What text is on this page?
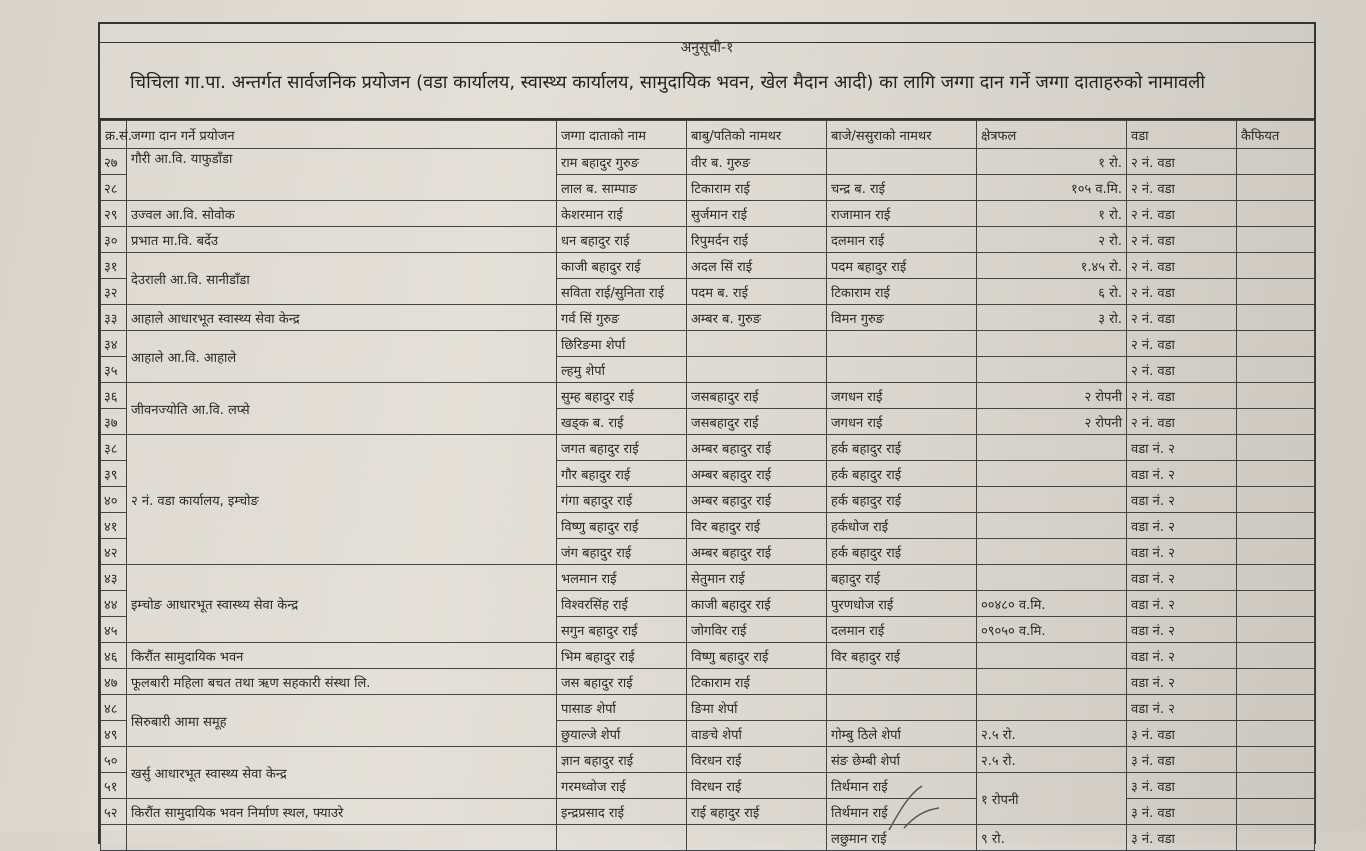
अनुसूची-१
चिचिला गा.पा. अन्तर्गत सार्वजनिक प्रयोजन (वडा कार्यालय, स्वास्थ्य कार्यालय, सामुदायिक भवन, खेल मैदान आदी) का लागि जग्गा दान गर्ने जग्गा दाताहरुको नामावली
क्र.सं.	जग्गा दान गर्ने प्रयोजन	जग्गा दाताको नाम	बाबु/पतिको नामथर	बाजे/ससुराको नामथर	क्षेत्रफल	वडा	कैफियत
२७	गौरी आ.वि. याफुडाँडा	राम बहादुर गुरुङ	वीर ब. गुरुङ		१ रो.	२ नं. वडा	
२८		लाल ब. साम्पाङ	टिकाराम राई	चन्द्र ब. राई	१०५ व.मि.	२ नं. वडा	
२९	उज्वल आ.वि. सोवोक	केशरमान राई	सुर्जमान राई	राजामान राई	१ रो.	२ नं. वडा	
३०	प्रभात मा.वि. बर्देउ	धन बहादुर राई	रिपुमर्दन राई	दलमान राई	२ रो.	२ नं. वडा	
३१	देउराली आ.वि. सानीडाँडा	काजी बहादुर राई	अदल सिं राई	पदम बहादुर राई	१.४५ रो.	२ नं. वडा	
३२		सविता राई/सुनिता राई	पदम ब. राई	टिकाराम राई	६ रो.	२ नं. वडा	
३३	आहाले आधारभूत स्वास्थ्य सेवा केन्द्र	गर्व सिं गुरुङ	अम्बर ब. गुरुङ	विमन गुरुङ	३ रो.	२ नं. वडा	
३४	आहाले आ.वि. आहाले	छिरिङमा शेर्पा				२ नं. वडा	
३५		ल्हमु शेर्पा				२ नं. वडा	
३६	जीवनज्योति आ.वि. लप्से	सुम्ह बहादुर राई	जसबहादुर राई	जगधन राई	२ रोपनी	२ नं. वडा	
३७		खड्क ब. राई	जसबहादुर राई	जगधन राई	२ रोपनी	२ नं. वडा	
३८	२ नं. वडा कार्यालय, इम्चोङ	जगत बहादुर राई	अम्बर बहादुर राई	हर्क बहादुर राई		वडा नं. २	
३९		गौर बहादुर राई	अम्बर बहादुर राई	हर्क बहादुर राई		वडा नं. २	
४०		गंगा बहादुर राई	अम्बर बहादुर राई	हर्क बहादुर राई		वडा नं. २	
४१		विष्णु बहादुर राई	विर बहादुर राई	हर्कधोज राई		वडा नं. २	
४२		जंग बहादुर राई	अम्बर बहादुर राई	हर्क बहादुर राई		वडा नं. २	
४३	इम्चोङ आधारभूत स्वास्थ्य सेवा केन्द्र	भलमान राई	सेतुमान राई	बहादुर राई		वडा नं. २	
४४		विश्वरसिंह राई	काजी बहादुर राई	पुरणधोज राई	००४८० व.मि.	वडा नं. २	
४५		सगुन बहादुर राई	जोगविर राई	दलमान राई	०९०५० व.मि.	वडा नं. २	
४६	किरौंत सामुदायिक भवन	भिम बहादुर राई	विष्णु बहादुर राई	विर बहादुर राई		वडा नं. २	
४७	फूलबारी महिला बचत तथा ऋण सहकारी संस्था लि.	जस बहादुर राई	टिकाराम राई			वडा नं. २	
४८	सिरुबारी आमा समूह	पासाङ शेर्पा	ङिमा शेर्पा			वडा नं. २	
४९		छुयाल्जे शेर्पा	वाङचे शेर्पा	गोम्बु ठिले शेर्पा	२.५ रो.	३ नं. वडा	
५०	खर्सु आधारभूत स्वास्थ्य सेवा केन्द्र	ज्ञान बहादुर राई	विरधन राई	संङ छेम्बी शेर्पा	२.५ रो.	३ नं. वडा	
५१		गरमध्वोज राई	विरधन राई	तिर्थमान राई	१ रोपनी	३ नं. वडा	
५२	किरौंत सामुदायिक भवन निर्माण स्थल, फ्याउरे	इन्द्रप्रसाद राई	राई बहादुर राई	तिर्थमान राई		३ नं. वडा	
				लछुमान राई	९ रो.	३ नं. वडा	
